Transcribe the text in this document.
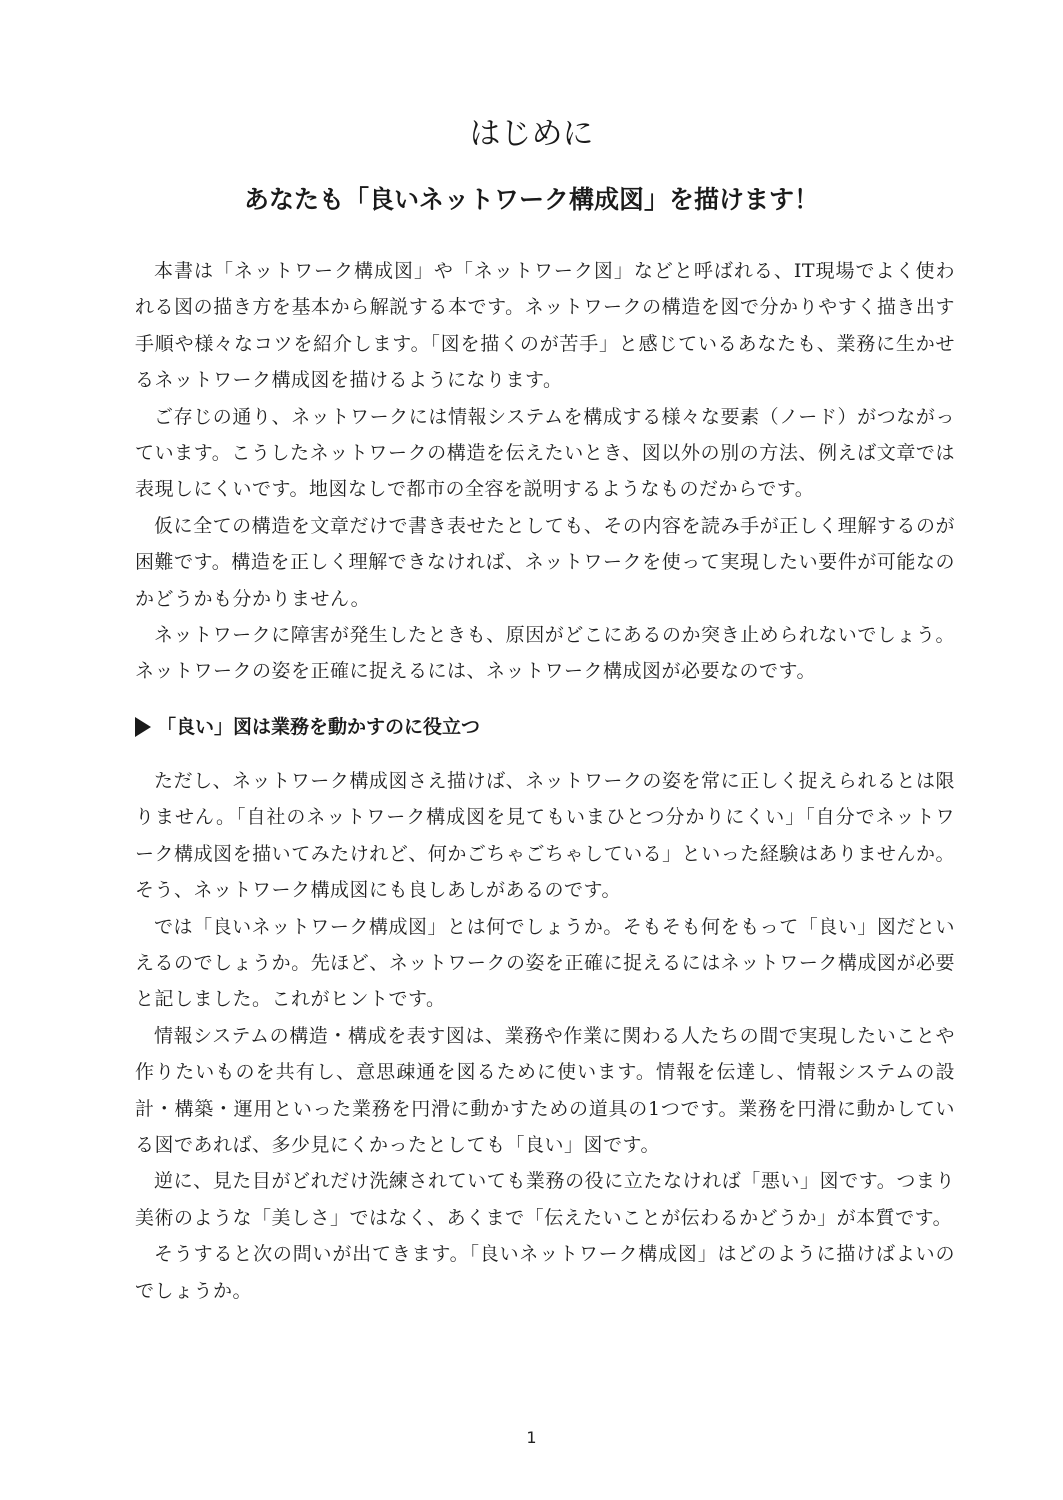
はじめに
あなたも「良いネットワーク構成図」を描けます！

本書は「ネットワーク構成図」や「ネットワーク図」などと呼ばれる、IT現場でよく使われる図の描き方を基本から解説する本です。ネットワークの構造を図で分かりやすく描き出す手順や様々なコツを紹介します。「図を描くのが苦手」と感じているあなたも、業務に生かせるネットワーク構成図を描けるようになります。

ご存じの通り、ネットワークには情報システムを構成する様々な要素（ノード）がつながっています。こうしたネットワークの構造を伝えたいとき、図以外の別の方法、例えば文章では表現しにくいです。地図なしで都市の全容を説明するようなものだからです。

仮に全ての構造を文章だけで書き表せたとしても、その内容を読み手が正しく理解するのが困難です。構造を正しく理解できなければ、ネットワークを使って実現したい要件が可能なのかどうかも分かりません。

ネットワークに障害が発生したときも、原因がどこにあるのか突き止められないでしょう。ネットワークの姿を正確に捉えるには、ネットワーク構成図が必要なのです。

「良い」図は業務を動かすのに役立つ

ただし、ネットワーク構成図さえ描けば、ネットワークの姿を常に正しく捉えられるとは限りません。「自社のネットワーク構成図を見てもいまひとつ分かりにくい」「自分でネットワーク構成図を描いてみたけれど、何かごちゃごちゃしている」といった経験はありませんか。そう、ネットワーク構成図にも良しあしがあるのです。

では「良いネットワーク構成図」とは何でしょうか。そもそも何をもって「良い」図だといえるのでしょうか。先ほど、ネットワークの姿を正確に捉えるにはネットワーク構成図が必要と記しました。これがヒントです。

情報システムの構造・構成を表す図は、業務や作業に関わる人たちの間で実現したいことや作りたいものを共有し、意思疎通を図るために使います。情報を伝達し、情報システムの設計・構築・運用といった業務を円滑に動かすための道具の1つです。業務を円滑に動かしている図であれば、多少見にくかったとしても「良い」図です。

逆に、見た目がどれだけ洗練されていても業務の役に立たなければ「悪い」図です。つまり美術のような「美しさ」ではなく、あくまで「伝えたいことが伝わるかどうか」が本質です。

そうすると次の問いが出てきます。「良いネットワーク構成図」はどのように描けばよいのでしょうか。

1
